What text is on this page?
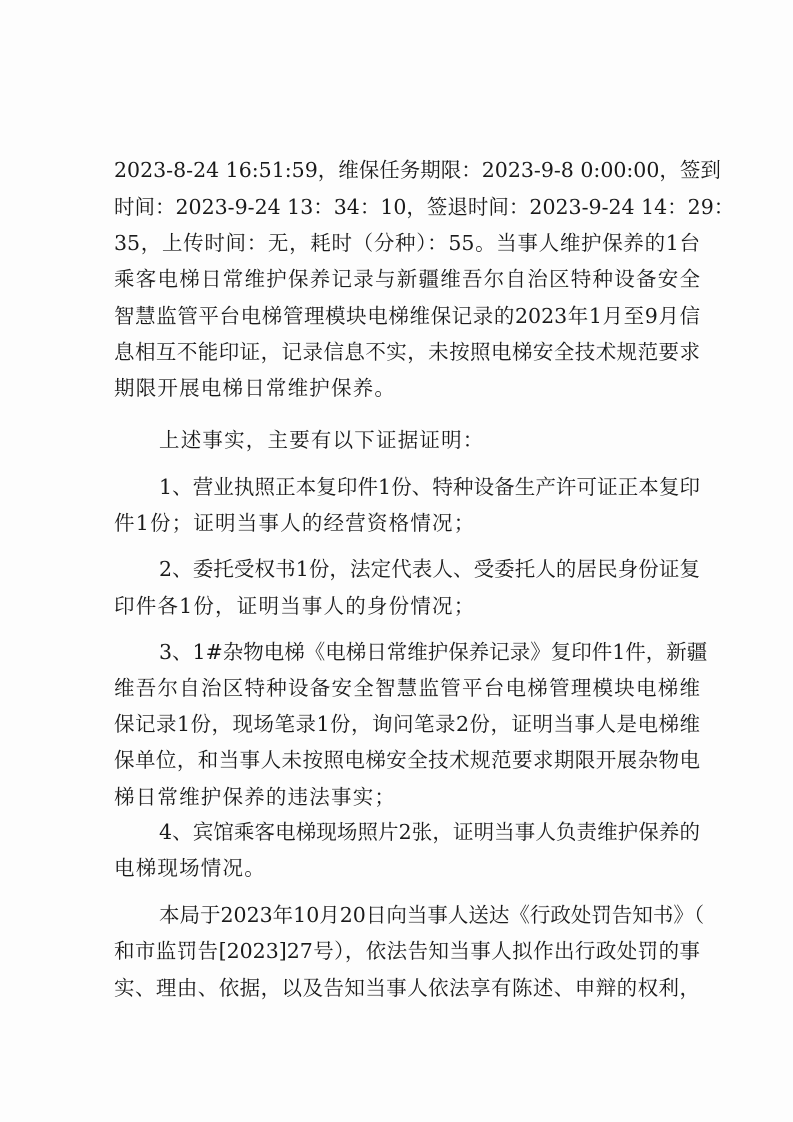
2023-8-24 16:51:59，维保任务期限：2023-9-8 0:00:00，签到
时间：2023-9-24 13：34：10，签退时间：2023-9-24 14：29：
35，上传时间：无，耗时（分种）：55。当事人维护保养的1台
乘客电梯日常维护保养记录与新疆维吾尔自治区特种设备安全
智慧监管平台电梯管理模块电梯维保记录的2023年1月至9月信
息相互不能印证，记录信息不实，未按照电梯安全技术规范要求
期限开展电梯日常维护保养。
上述事实，主要有以下证据证明：
1、营业执照正本复印件1份、特种设备生产许可证正本复印
件1份；证明当事人的经营资格情况；
2、委托受权书1份，法定代表人、受委托人的居民身份证复
印件各1份，证明当事人的身份情况；
3、1#杂物电梯《电梯日常维护保养记录》复印件1件，新疆
维吾尔自治区特种设备安全智慧监管平台电梯管理模块电梯维
保记录1份，现场笔录1份，询问笔录2份，证明当事人是电梯维
保单位，和当事人未按照电梯安全技术规范要求期限开展杂物电
梯日常维护保养的违法事实；
4、宾馆乘客电梯现场照片2张，证明当事人负责维护保养的
电梯现场情况。
本局于2023年10月20日向当事人送达《行政处罚告知书》（
和市监罚告[2023]27号），依法告知当事人拟作出行政处罚的事
实、理由、依据，以及告知当事人依法享有陈述、申辩的权利，
